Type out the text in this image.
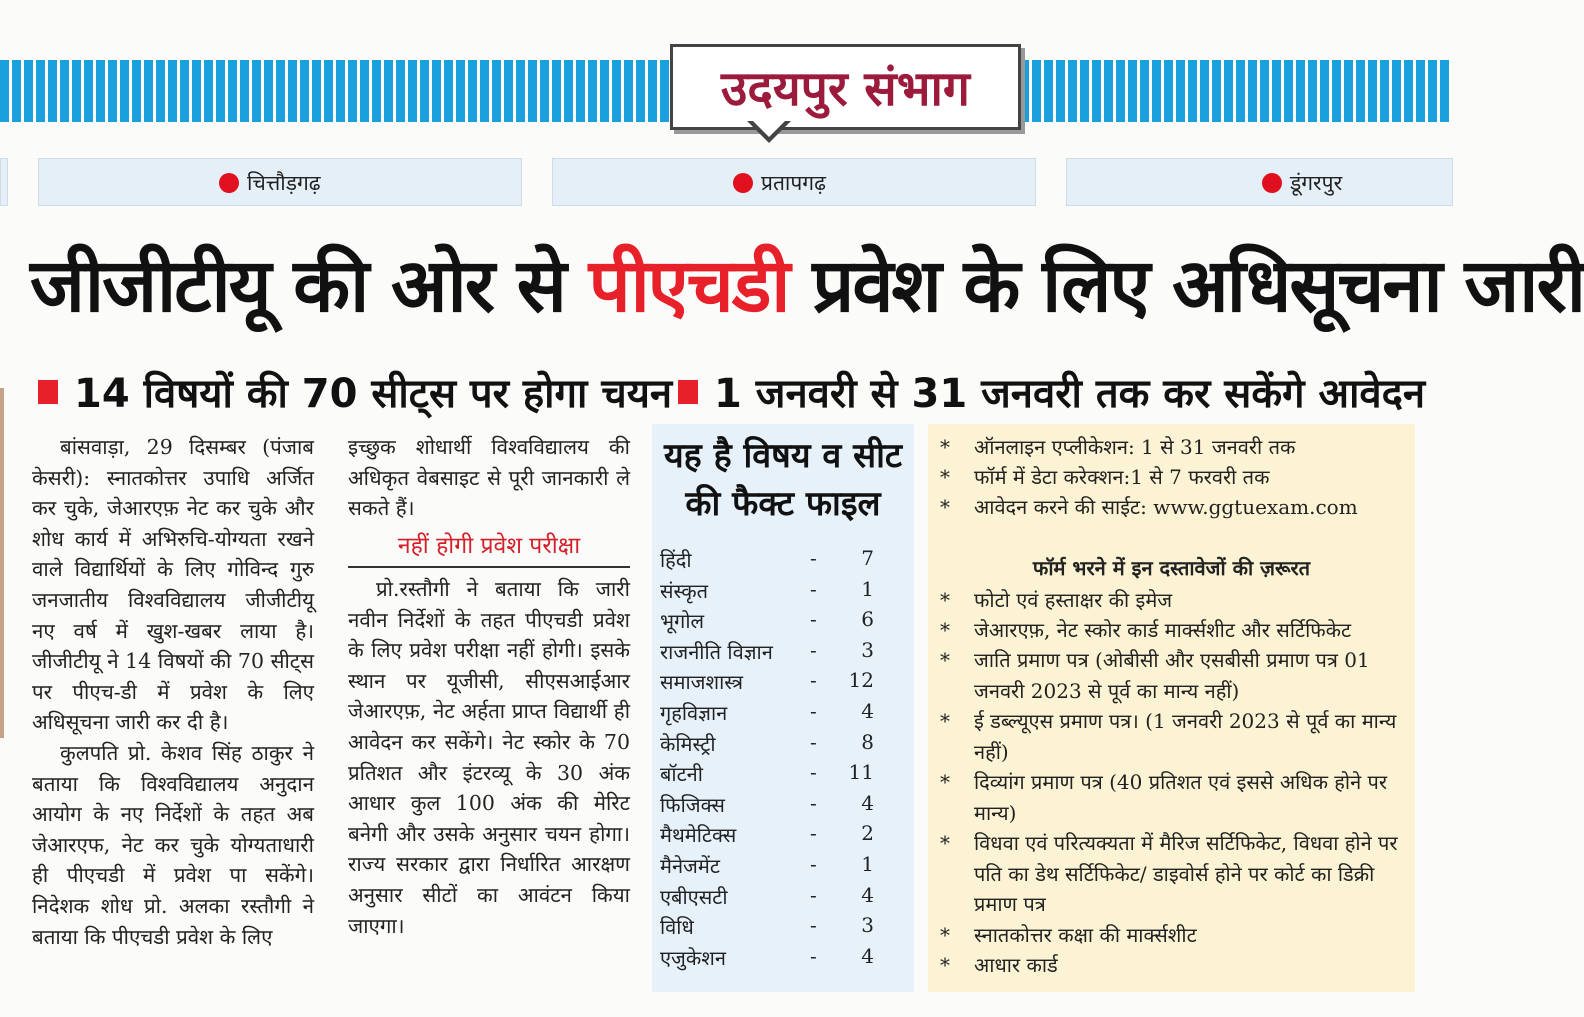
उदयपुर संभाग
चित्तौड़गढ़	प्रतापगढ़	डूंगरपुर
जीजीटीयू की ओर से पीएचडी प्रवेश के लिए अधिसूचना जारी
14 विषयों की 70 सीट्स पर होगा चयन 1 जनवरी से 31 जनवरी तक कर सकेंगे आवेदन

बांसवाड़ा, 29 दिसम्बर (पंजाब केसरी): स्नातकोत्तर उपाधि अर्जित कर चुके, जेआरएफ़ नेट कर चुके और शोध कार्य में अभिरुचि-योग्यता रखने वाले विद्यार्थियों के लिए गोविन्द गुरु जनजातीय विश्वविद्यालय जीजीटीयू नए वर्ष में खुश-खबर लाया है। जीजीटीयू ने 14 विषयों की 70 सीट्स पर पीएच-डी में प्रवेश के लिए अधिसूचना जारी कर दी है।

कुलपति प्रो. केशव सिंह ठाकुर ने बताया कि विश्वविद्यालय अनुदान आयोग के नए निर्देशों के तहत अब जेआरएफ, नेट कर चुके योग्यताधारी ही पीएचडी में प्रवेश पा सकेंगे। निदेशक शोध प्रो. अलका रस्तौगी ने बताया कि पीएचडी प्रवेश के लिए

इच्छुक शोधार्थी विश्वविद्यालय की अधिकृत वेबसाइट से पूरी जानकारी ले सकते हैं।

नहीं होगी प्रवेश परीक्षा

प्रो.रस्तौगी ने बताया कि जारी नवीन निर्देशों के तहत पीएचडी प्रवेश के लिए प्रवेश परीक्षा नहीं होगी। इसके स्थान पर यूजीसी, सीएसआईआर जेआरएफ़, नेट अर्हता प्राप्त विद्यार्थी ही आवेदन कर सकेंगे। नेट स्कोर के 70 प्रतिशत और इंटरव्यू के 30 अंक आधार कुल 100 अंक की मेरिट बनेगी और उसके अनुसार चयन होगा। राज्य सरकार द्वारा निर्धारित आरक्षण अनुसार सीटों का आवंटन किया जाएगा।

यह है विषय व सीट
की फैक्ट फाइल
हिंदी	- 7
संस्कृत	- 1
भूगोल	- 6
राजनीति विज्ञान - 3
समाजशास्त्र	- 12
गृहविज्ञान	- 4
केमिस्ट्री	- 8
बॉटनी	- 11
फिजिक्स	- 4
मैथमेटिक्स	- 2
मैनेजमेंट	- 1
एबीएसटी	- 4
विधि	- 3
एजुकेशन	- 4
* ऑनलाइन एप्लीकेशन: 1 से 31 जनवरी तक
* फॉर्म में डेटा करेक्शन:1 से 7 फरवरी तक
* आवेदन करने की साईट: www.ggtuexam.com
* फोटो एवं हस्ताक्षर की इमेज
* जेआरएफ़, नेट स्कोर कार्ड मार्क्सशीट और सर्टिफिकेट
* जाति प्रमाण पत्र (ओबीसी और एसबीसी प्रमाण पत्र 01 जनवरी 2023 से पूर्व का मान्य नहीं)
* ई डब्ल्यूएस प्रमाण पत्र। (1 जनवरी 2023 से पूर्व का मान्य नहीं)
* दिव्यांग प्रमाण पत्र (40 प्रतिशत एवं इससे अधिक होने पर मान्य)
* विधवा एवं परित्यक्यता में मैरिज सर्टिफिकेट, विधवा होने पर पति का डेथ सर्टिफिकेट/ डाइवोर्स होने पर कोर्ट का डिक्री प्रमाण पत्र
* स्नातकोत्तर कक्षा की मार्क्सशीट
* आधार कार्ड
फॉर्म भरने में इन दस्तावेजों की ज़रूरत
